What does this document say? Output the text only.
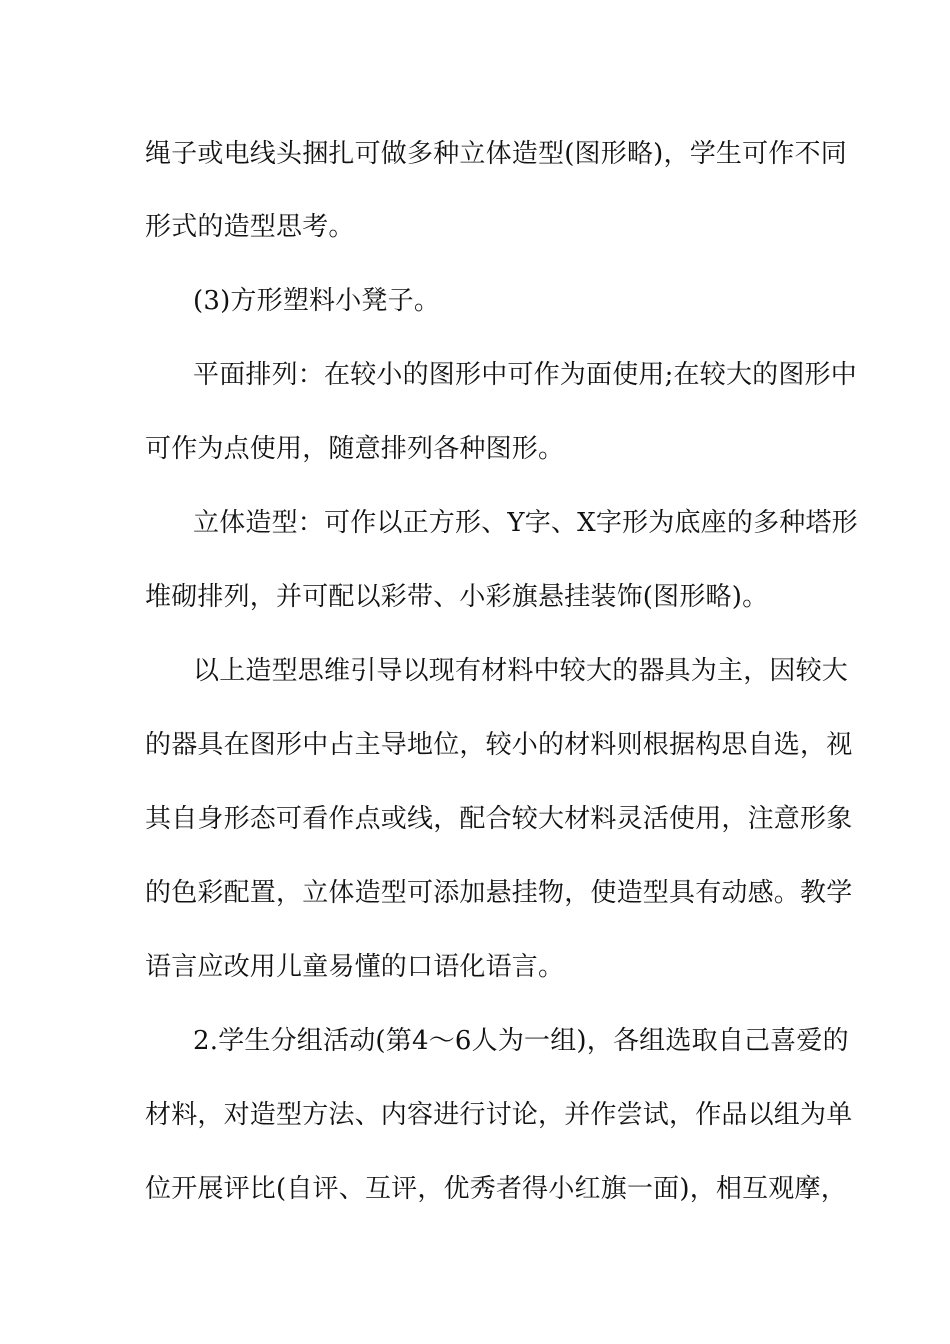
绳子或电线头捆扎可做多种立体造型(图形略)，学生可作不同
形式的造型思考。
(3)方形塑料小凳子。
平面排列：在较小的图形中可作为面使用;在较大的图形中
可作为点使用，随意排列各种图形。
立体造型：可作以正方形、Y字、X字形为底座的多种塔形
堆砌排列，并可配以彩带、小彩旗悬挂装饰(图形略)。
以上造型思维引导以现有材料中较大的器具为主，因较大
的器具在图形中占主导地位，较小的材料则根据构思自选，视
其自身形态可看作点或线，配合较大材料灵活使用，注意形象
的色彩配置，立体造型可添加悬挂物，使造型具有动感。教学
语言应改用儿童易懂的口语化语言。
2.学生分组活动(第4～6人为一组)，各组选取自己喜爱的
材料，对造型方法、内容进行讨论，并作尝试，作品以组为单
位开展评比(自评、互评，优秀者得小红旗一面)，相互观摩，
